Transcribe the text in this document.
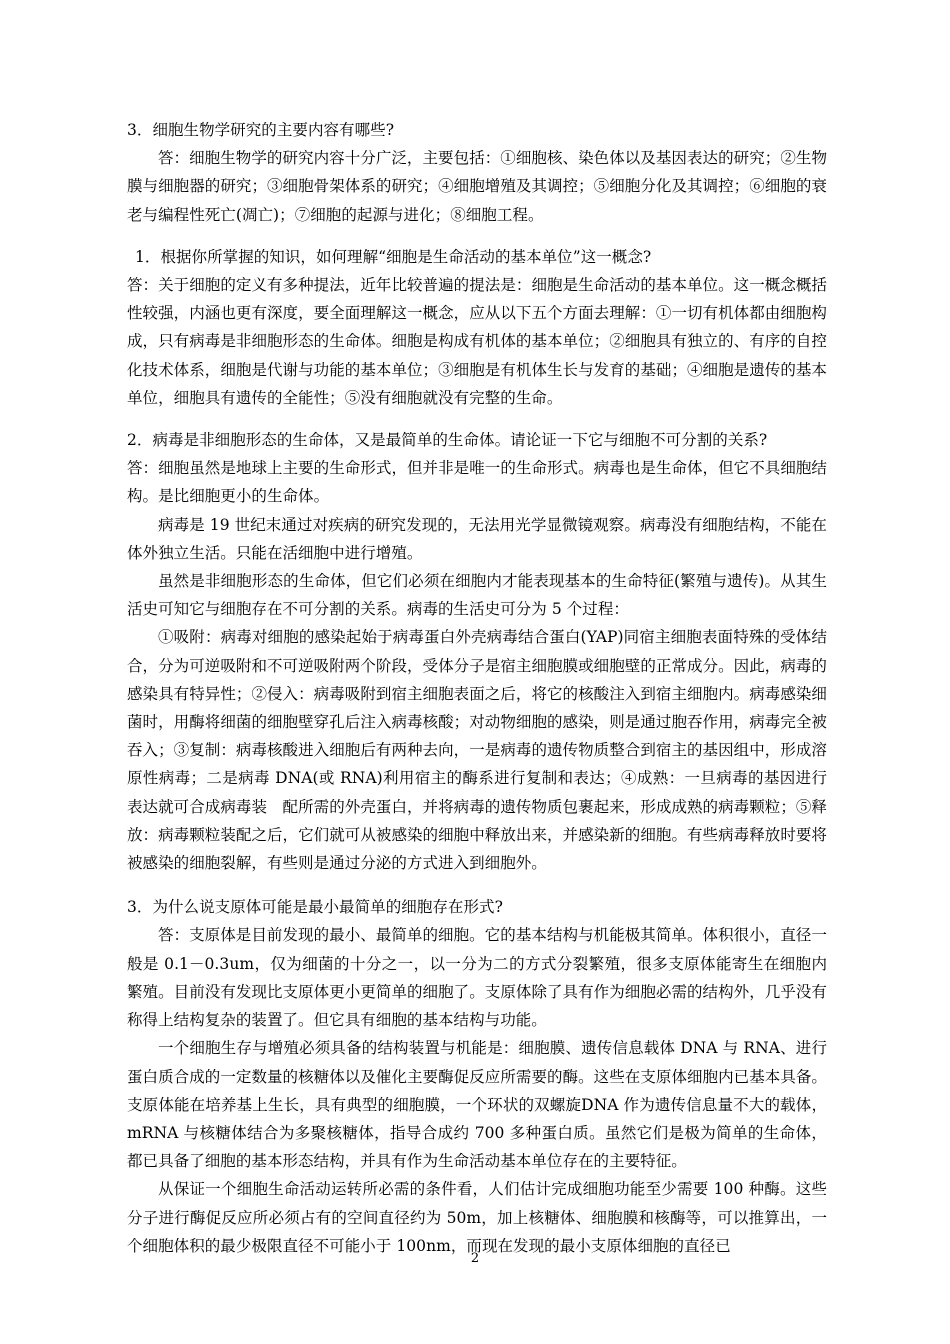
3．细胞生物学研究的主要内容有哪些?

答：细胞生物学的研究内容十分广泛，主要包括：①细胞核、染色体以及基因表达的研究；②生物膜与细胞器的研究；③细胞骨架体系的研究；④细胞增殖及其调控；⑤细胞分化及其调控；⑥细胞的衰老与编程性死亡(凋亡)；⑦细胞的起源与进化；⑧细胞工程。

1．根据你所掌握的知识，如何理解“细胞是生命活动的基本单位”这一概念?

答：关于细胞的定义有多种提法，近年比较普遍的提法是：细胞是生命活动的基本单位。这一概念概括性较强，内涵也更有深度，要全面理解这一概念，应从以下五个方面去理解：①一切有机体都由细胞构成，只有病毒是非细胞形态的生命体。细胞是构成有机体的基本单位；②细胞具有独立的、有序的自控化技术体系，细胞是代谢与功能的基本单位；③细胞是有机体生长与发育的基础；④细胞是遗传的基本单位，细胞具有遗传的全能性；⑤没有细胞就没有完整的生命。

2．病毒是非细胞形态的生命体，又是最简单的生命体。请论证一下它与细胞不可分割的关系?

答：细胞虽然是地球上主要的生命形式，但并非是唯一的生命形式。病毒也是生命体，但它不具细胞结构。是比细胞更小的生命体。

病毒是 19 世纪末通过对疾病的研究发现的，无法用光学显微镜观察。病毒没有细胞结构，不能在体外独立生活。只能在活细胞中进行增殖。

虽然是非细胞形态的生命体，但它们必须在细胞内才能表现基本的生命特征(繁殖与遗传)。从其生活史可知它与细胞存在不可分割的关系。病毒的生活史可分为 5 个过程：

①吸附：病毒对细胞的感染起始于病毒蛋白外壳病毒结合蛋白(YAP)同宿主细胞表面特殊的受体结合，分为可逆吸附和不可逆吸附两个阶段，受体分子是宿主细胞膜或细胞壁的正常成分。因此，病毒的感染具有特异性；②侵入：病毒吸附到宿主细胞表面之后，将它的核酸注入到宿主细胞内。病毒感染细菌时，用酶将细菌的细胞壁穿孔后注入病毒核酸；对动物细胞的感染，则是通过胞吞作用，病毒完全被吞入；③复制：病毒核酸进入细胞后有两种去向，一是病毒的遗传物质整合到宿主的基因组中，形成溶原性病毒；二是病毒 DNA(或 RNA)利用宿主的酶系进行复制和表达；④成熟：一旦病毒的基因进行表达就可合成病毒装　配所需的外壳蛋白，并将病毒的遗传物质包裹起来，形成成熟的病毒颗粒；⑤释放：病毒颗粒装配之后，它们就可从被感染的细胞中释放出来，并感染新的细胞。有些病毒释放时要将被感染的细胞裂解，有些则是通过分泌的方式进入到细胞外。

3．为什么说支原体可能是最小最简单的细胞存在形式?

答：支原体是目前发现的最小、最简单的细胞。它的基本结构与机能极其简单。体积很小，直径一般是 0.1－0.3um，仅为细菌的十分之一，以一分为二的方式分裂繁殖，很多支原体能寄生在细胞内繁殖。目前没有发现比支原体更小更简单的细胞了。支原体除了具有作为细胞必需的结构外，几乎没有称得上结构复杂的装置了。但它具有细胞的基本结构与功能。

一个细胞生存与增殖必须具备的结构装置与机能是：细胞膜、遗传信息载体 DNA 与 RNA、进行蛋白质合成的一定数量的核糖体以及催化主要酶促反应所需要的酶。这些在支原体细胞内已基本具备。支原体能在培养基上生长，具有典型的细胞膜，一个环状的双螺旋DNA 作为遗传信息量不大的载体，mRNA 与核糖体结合为多聚核糖体，指导合成约 700 多种蛋白质。虽然它们是极为简单的生命体，都已具备了细胞的基本形态结构，并具有作为生命活动基本单位存在的主要特征。

从保证一个细胞生命活动运转所必需的条件看，人们估计完成细胞功能至少需要 100 种酶。这些分子进行酶促反应所必须占有的空间直径约为 50m，加上核糖体、细胞膜和核酶等，可以推算出，一个细胞体积的最少极限直径不可能小于 100nm，而现在发现的最小支原体细胞的直径已

2
